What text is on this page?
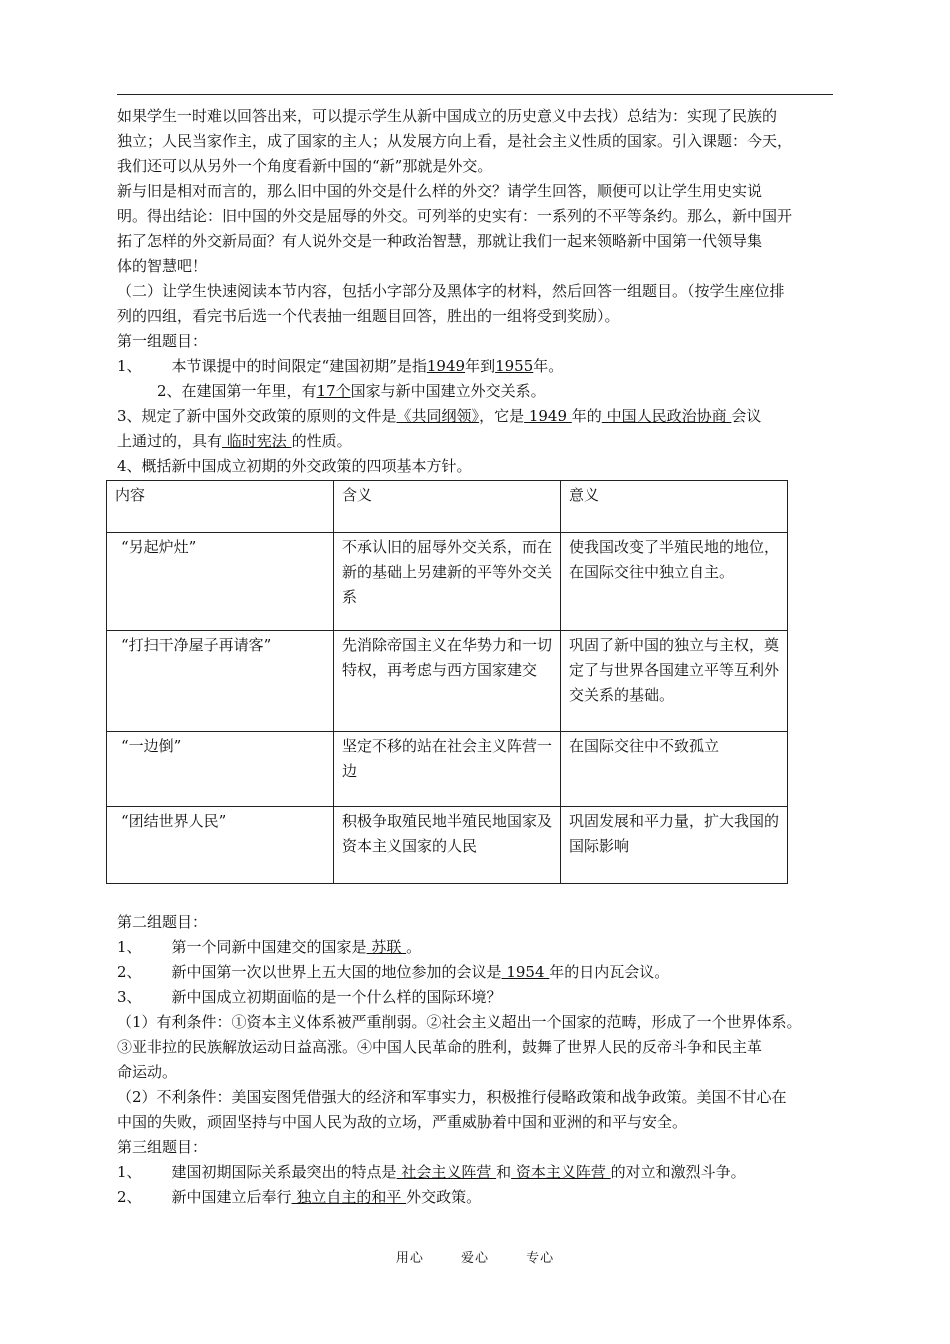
如果学生一时难以回答出来，可以提示学生从新中国成立的历史意义中去找）总结为：实现了民族的

独立；人民当家作主，成了国家的主人；从发展方向上看，是社会主义性质的国家。引入课题：今天，

我们还可以从另外一个角度看新中国的“新”那就是外交。

新与旧是相对而言的，那么旧中国的外交是什么样的外交？请学生回答，顺便可以让学生用史实说

明。得出结论：旧中国的外交是屈辱的外交。可列举的史实有：一系列的不平等条约。那么，新中国开

拓了怎样的外交新局面？有人说外交是一种政治智慧，那就让我们一起来领略新中国第一代领导集

体的智慧吧！

（二）让学生快速阅读本节内容，包括小字部分及黑体字的材料，然后回答一组题目。（按学生座位排

列的四组，看完书后选一个代表抽一组题目回答，胜出的一组将受到奖励）。

第一组题目：

1、 本节课提中的时间限定“建国初期”是指1949年到1955年。

2、在建国第一年里，有17个国家与新中国建立外交关系。

3、规定了新中国外交政策的原则的文件是《共同纲领》，它是 1949 年的 中国人民政治协商 会议

上通过的，具有 临时宪法 的性质。

4、概括新中国成立初期的外交政策的四项基本方针。

内容	含义	意义
“另起炉灶”	不承认旧的屈辱外交关系，而在新的基础上另建新的平等外交关系	使我国改变了半殖民地的地位，在国际交往中独立自主。
“打扫干净屋子再请客”	先消除帝国主义在华势力和一切特权，再考虑与西方国家建交	巩固了新中国的独立与主权，奠定了与世界各国建立平等互利外交关系的基础。
“一边倒”	坚定不移的站在社会主义阵营一边	在国际交往中不致孤立
“团结世界人民”	积极争取殖民地半殖民地国家及资本主义国家的人民	巩固发展和平力量，扩大我国的国际影响

第二组题目：

1、 第一个同新中国建交的国家是 苏联 。

2、 新中国第一次以世界上五大国的地位参加的会议是 1954 年的日内瓦会议。

3、 新中国成立初期面临的是一个什么样的国际环境？

（1）有利条件：①资本主义体系被严重削弱。②社会主义超出一个国家的范畴，形成了一个世界体系。

③亚非拉的民族解放运动日益高涨。④中国人民革命的胜利，鼓舞了世界人民的反帝斗争和民主革

命运动。

（2）不利条件：美国妄图凭借强大的经济和军事实力，积极推行侵略政策和战争政策。美国不甘心在

中国的失败，顽固坚持与中国人民为敌的立场，严重威胁着中国和亚洲的和平与安全。

第三组题目：

1、 建国初期国际关系最突出的特点是 社会主义阵营 和 资本主义阵营 的对立和激烈斗争。

2、 新中国建立后奉行 独立自主的和平 外交政策。

用心	爱心	专心
